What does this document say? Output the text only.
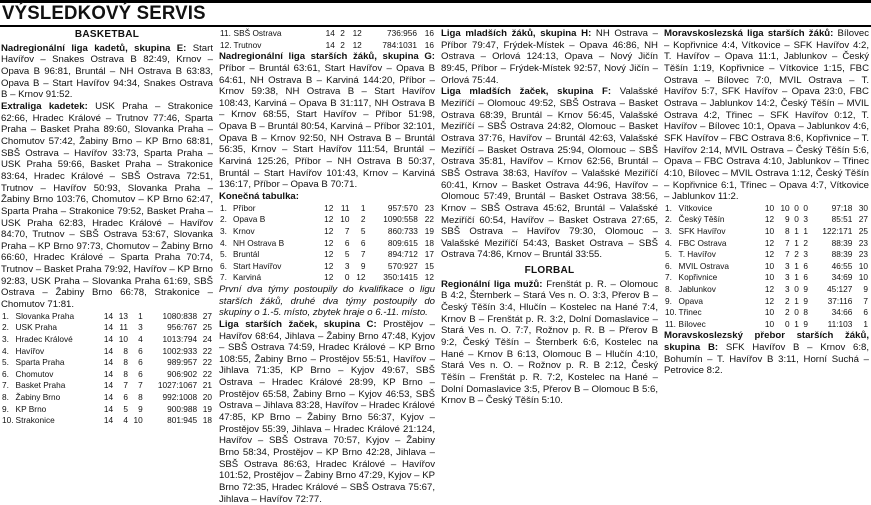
VÝSLEDKOVÝ SERVIS
BASKETBAL

Nadregionální liga kadetů, skupina E: Start Havířov – Snakes Ostrava B 82:49, Krnov – Opava B 96:81, Bruntál – NH Ostrava B 63:83, Opava B – Start Havířov 94:34, Snakes Ostrava B – Krnov 91:52.

Extraliga kadetek: USK Praha – Strakonice 62:66, Hradec Králové – Trutnov 77:46, Sparta Praha – Basket Praha 89:60, Slovanka Praha – Chomutov 57:42, Žabiny Brno – KP Brno 68:81, SBŠ Ostrava – Havířov 33:73, Sparta Praha – USK Praha 59:66, Basket Praha – Strakonice 83:64, Hradec Králové – SBŠ Ostrava 72:51, Trutnov – Havířov 50:93, Slovanka Praha – Žabiny Brno 103:76, Chomutov – KP Brno 62:47, Sparta Praha – Strakonice 79:52, Basket Praha – USK Praha 62:83, Hradec Králové – Havířov 84:70, Trutnov – SBŠ Ostrava 53:67, Slovanka Praha – KP Brno 97:73, Chomutov – Žabiny Brno 66:60, Hradec Králové – Sparta Praha 70:74, Trutnov – Basket Praha 79:92, Havířov – KP Brno 92:83, USK Praha – Slovanka Praha 61:69, SBŠ Ostrava – Žabiny Brno 66:78, Strakonice – Chomutov 71:81.

1.	Slovanka Praha	14	13	1	1080:838	27
2.	USK Praha	14	11	3	956:767	25
3.	Hradec Králové	14	10	4	1013:794	24
4.	Havířov	14	8	6	1002:933	22
5.	Sparta Praha	14	8	6	989:957	22
6.	Chomutov	14	8	6	906:902	22
7.	Basket Praha	14	7	7	1027:1067	21
8.	Žabiny Brno	14	6	8	992:1008	20
9.	KP Brno	14	5	9	900:988	19
10.	Strakonice	14	4	10	801:945	18
11.	SBŠ Ostrava	14	2	12	736:956	16
12.	Trutnov	14	2	12	784:1031	16

Nadregionální liga starších žáků, skupina G: Příbor – Bruntál 63:61, Start Havířov – Opava B 64:61, NH Ostrava B – Karviná 144:20, Příbor – Krnov 59:38, NH Ostrava B – Start Havířov 108:43, Karviná – Opava B 31:117, NH Ostrava B – Krnov 68:55, Start Havířov – Příbor 51:98, Opava B – Bruntál 80:54, Karviná – Příbor 32:101, Opava B – Krnov 92:50, NH Ostrava B – Bruntál 56:35, Krnov – Start Havířov 111:54, Bruntál – Karviná 125:26, Příbor – NH Ostrava B 50:37, Bruntál – Start Havířov 101:43, Krnov – Karviná 136:17, Příbor – Opava B 70:71.

Konečná tabulka:

1.	Příbor	12	11	1	957:570	23
2.	Opava B	12	10	2	1090:558	22
3.	Krnov	12	7	5	860:733	19
4.	NH Ostrava B	12	6	6	809:615	18
5.	Bruntál	12	5	7	894:712	17
6.	Start Havířov	12	3	9	570:927	15
7.	Karviná	12	0	12	350:1415	12

První dva týmy postoupily do kvalifikace o ligu starších žáků, druhé dva týmy postoupily do skupiny o 1.-5. místo, zbytek hraje o 6.-11. místo.

Liga starších žaček, skupina C: Prostějov – Havířov 68:64, Jihlava – Žabiny Brno 47:48, Kyjov – SBŠ Ostrava 74:59, Hradec Králové – KP Brno 108:55, Žabiny Brno – Prostějov 55:51, Havířov – Jihlava 71:35, KP Brno – Kyjov 49:67, SBŠ Ostrava – Hradec Králové 28:99, KP Brno – Prostějov 65:58, Žabiny Brno – Kyjov 46:53, SBŠ Ostrava – Jihlava 83:28, Havířov – Hradec Králové 47:85, KP Brno – Žabiny Brno 56:37, Kyjov – Prostějov 55:39, Jihlava – Hradec Králové 21:124, Havířov – SBŠ Ostrava 70:57, Kyjov – Žabiny Brno 58:34, Prostějov – KP Brno 42:28, Jihlava – SBŠ Ostrava 86:63, Hradec Králové – Havířov 101:52, Prostějov – Žabiny Brno 47:29, Kyjov – KP Brno 72:35, Hradec Králové – SBŠ Ostrava 75:67, Jihlava – Havířov 72:77.

Liga mladších žáků, skupina H: NH Ostrava – Příbor 79:47, Frýdek-Místek – Opava 46:86, NH Ostrava – Orlová 124:13, Opava – Nový Jičín 89:45, Příbor – Frýdek-Místek 92:57, Nový Jičín – Orlová 75:44.

Liga mladších žaček, skupina F: Valašské Meziříčí – Olomouc 49:52, SBŠ Ostrava – Basket Ostrava 68:39, Bruntál – Krnov 56:45, Valašské Meziříčí – SBŠ Ostrava 24:82, Olomouc – Basket Ostrava 37:76, Havířov – Bruntál 42:63, Valašské Meziříčí – Basket Ostrava 25:94, Olomouc – SBŠ Ostrava 35:81, Havířov – Krnov 62:56, Bruntál – SBŠ Ostrava 38:63, Havířov – Valašské Meziříčí 60:41, Krnov – Basket Ostrava 44:96, Havířov – Olomouc 57:49, Bruntál – Basket Ostrava 38:56, Krnov – SBŠ Ostrava 45:62, Bruntál – Valašské Meziříčí 60:54, Havířov – Basket Ostrava 27:65, SBŠ Ostrava – Havířov 79:30, Olomouc – Valašské Meziříčí 54:43, Basket Ostrava – SBŠ Ostrava 74:86, Krnov – Bruntál 33:55.

FLORBAL

Regionální liga mužů: Frenštát p. R. – Olomouc B 4:2, Šternberk – Stará Ves n. O. 3:3, Přerov B – Český Těšín 3:4, Hlučín – Kostelec na Hané 7:4, Krnov B – Frenštát p. R. 3:2, Dolní Domaslavice – Stará Ves n. O. 7:7, Rožnov p. R. B – Přerov B 9:2, Český Těšín – Šternberk 6:6, Kostelec na Hané – Krnov B 6:13, Olomouc B – Hlučín 4:10, Stará Ves n. O. – Rožnov p. R. B 2:12, Český Těšín – Frenštát p. R. 7:2, Kostelec na Hané – Dolní Domaslavice 3:5, Přerov B – Olomouc B 5:6, Krnov B – Český Těšín 5:10.

Moravskoslezská liga starších žáků: Bílovec – Kopřivnice 4:4, Vítkovice – SFK Havířov 4:2, T. Havířov – Opava 11:1, Jablunkov – Český Těšín 1:19, Kopřivnice – Vítkovice 1:15, FBC Ostrava – Bílovec 7:0, MVIL Ostrava – T. Havířov 5:7, SFK Havířov – Opava 23:0, FBC Ostrava – Jablunkov 14:2, Český Těšín – MVIL Ostrava 4:2, Třinec – SFK Havířov 0:12, T. Havířov – Bílovec 10:1, Opava – Jablunkov 4:6, SFK Havířov – FBC Ostrava 8:6, Kopřivnice – T. Havířov 2:14, MVIL Ostrava – Český Těšín 5:6, Opava – FBC Ostrava 4:10, Jablunkov – Třinec 4:10, Bílovec – MVIL Ostrava 1:12, Český Těšín – Kopřivnice 6:1, Třinec – Opava 4:7, Vítkovice – Jablunkov 11:2.

1.	Vítkovice	10	10	0	0	97:18	30
2.	Český Těšín	12	9	0	3	85:51	27
3.	SFK Havířov	10	8	1	1	122:171	25
4.	FBC Ostrava	12	7	1	2	88:39	23
5.	T. Havířov	12	7	2	3	88:39	23
6.	MVIL Ostrava	10	3	1	6	46:55	10
7.	Kopřivnice	10	3	1	6	34:69	10
8.	Jablunkov	12	3	0	9	45:127	9
9.	Opava	12	2	1	9	37:116	7
10.	Třinec	10	2	0	8	34:66	6
11.	Bílovec	10	0	1	9	11:103	1

Moravskoslezský přebor starších žáků, skupina B: SFK Havířov B – Krnov 6:8, Bohumín – T. Havířov B 3:11, Horní Suchá – Petrovice 8:2.
